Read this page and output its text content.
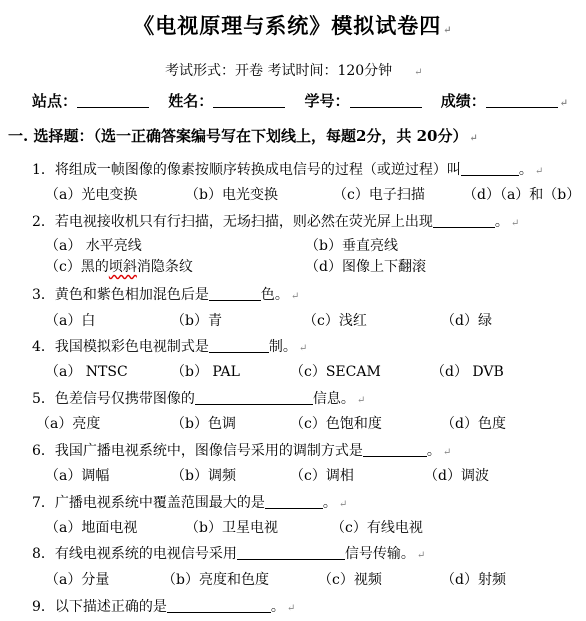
《电视原理与系统》模拟试卷四 ↵
考试形式：开卷 考试时间：120分钟 ↵
站点：	姓名：	学号：	成绩：	↵
一. 选择题：（选一正确答案编号写在下划线上，每题2分，共 20分） ↵
1．将组成一帧图像的像素按顺序转换成电信号的过程（或逆过程）叫	。 ↵
（a）光电变换	（b）电光变换	（c）电子扫描	（d）（a）和（b）
2．若电视接收机只有行扫描，无场扫描，则必然在荧光屏上出现	。 ↵
（a） 水平亮线	（b）垂直亮线
（c）黑的顷斜消隐条纹	（d）图像上下翻滚
3．黄色和紫色相加混色后是	色。 ↵
（a）白	（b）青	（c）浅红	（d）绿
4．我国模拟彩色电视制式是	制。 ↵
（a） NTSC	（b） PAL	（c）SECAM	（d） DVB
5．色差信号仅携带图像的	信息。 ↵
（a）亮度	（b）色调	（c）色饱和度	（d）色度
6．我国广播电视系统中，图像信号采用的调制方式是	。 ↵
（a）调幅	（b）调频	（c）调相	（d）调波
7．广播电视系统中覆盖范围最大的是	。 ↵
（a）地面电视	（b）卫星电视	（c）有线电视
8．有线电视系统的电视信号采用	信号传输。 ↵
（a）分量	（b）亮度和色度	（c）视频	（d）射频
9．以下描述正确的是	。 ↵
